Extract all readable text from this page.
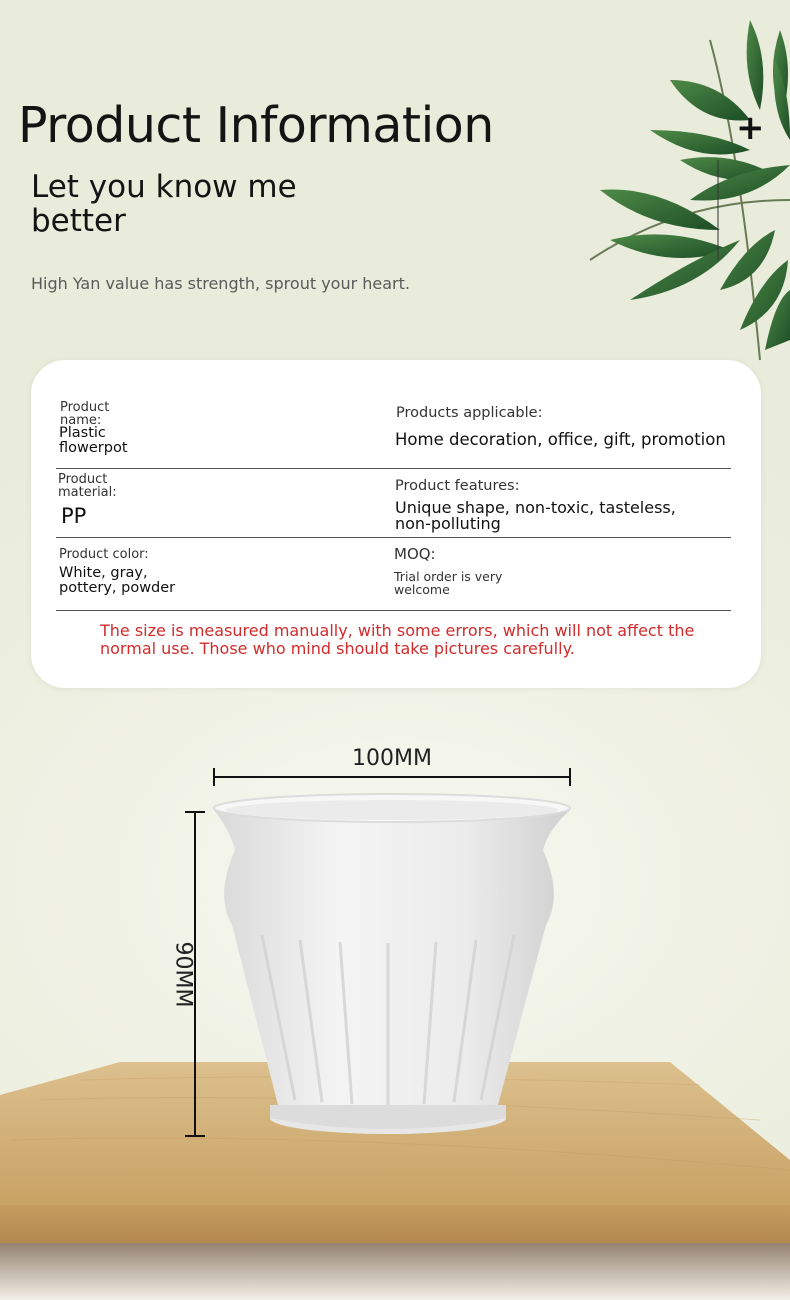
Product Information
Let you know me better
High Yan value has strength, sprout your heart.
+
Product name:
Plastic flowerpot
Products applicable:
Home decoration, office, gift, promotion
Product material:
PP
Product features:
Unique shape, non-toxic, tasteless, non-polluting
Product color:
White, gray, pottery, powder
MOQ:
Trial order is very welcome
The size is measured manually, with some errors, which will not affect the normal use. Those who mind should take pictures carefully.
100MM
90MM
